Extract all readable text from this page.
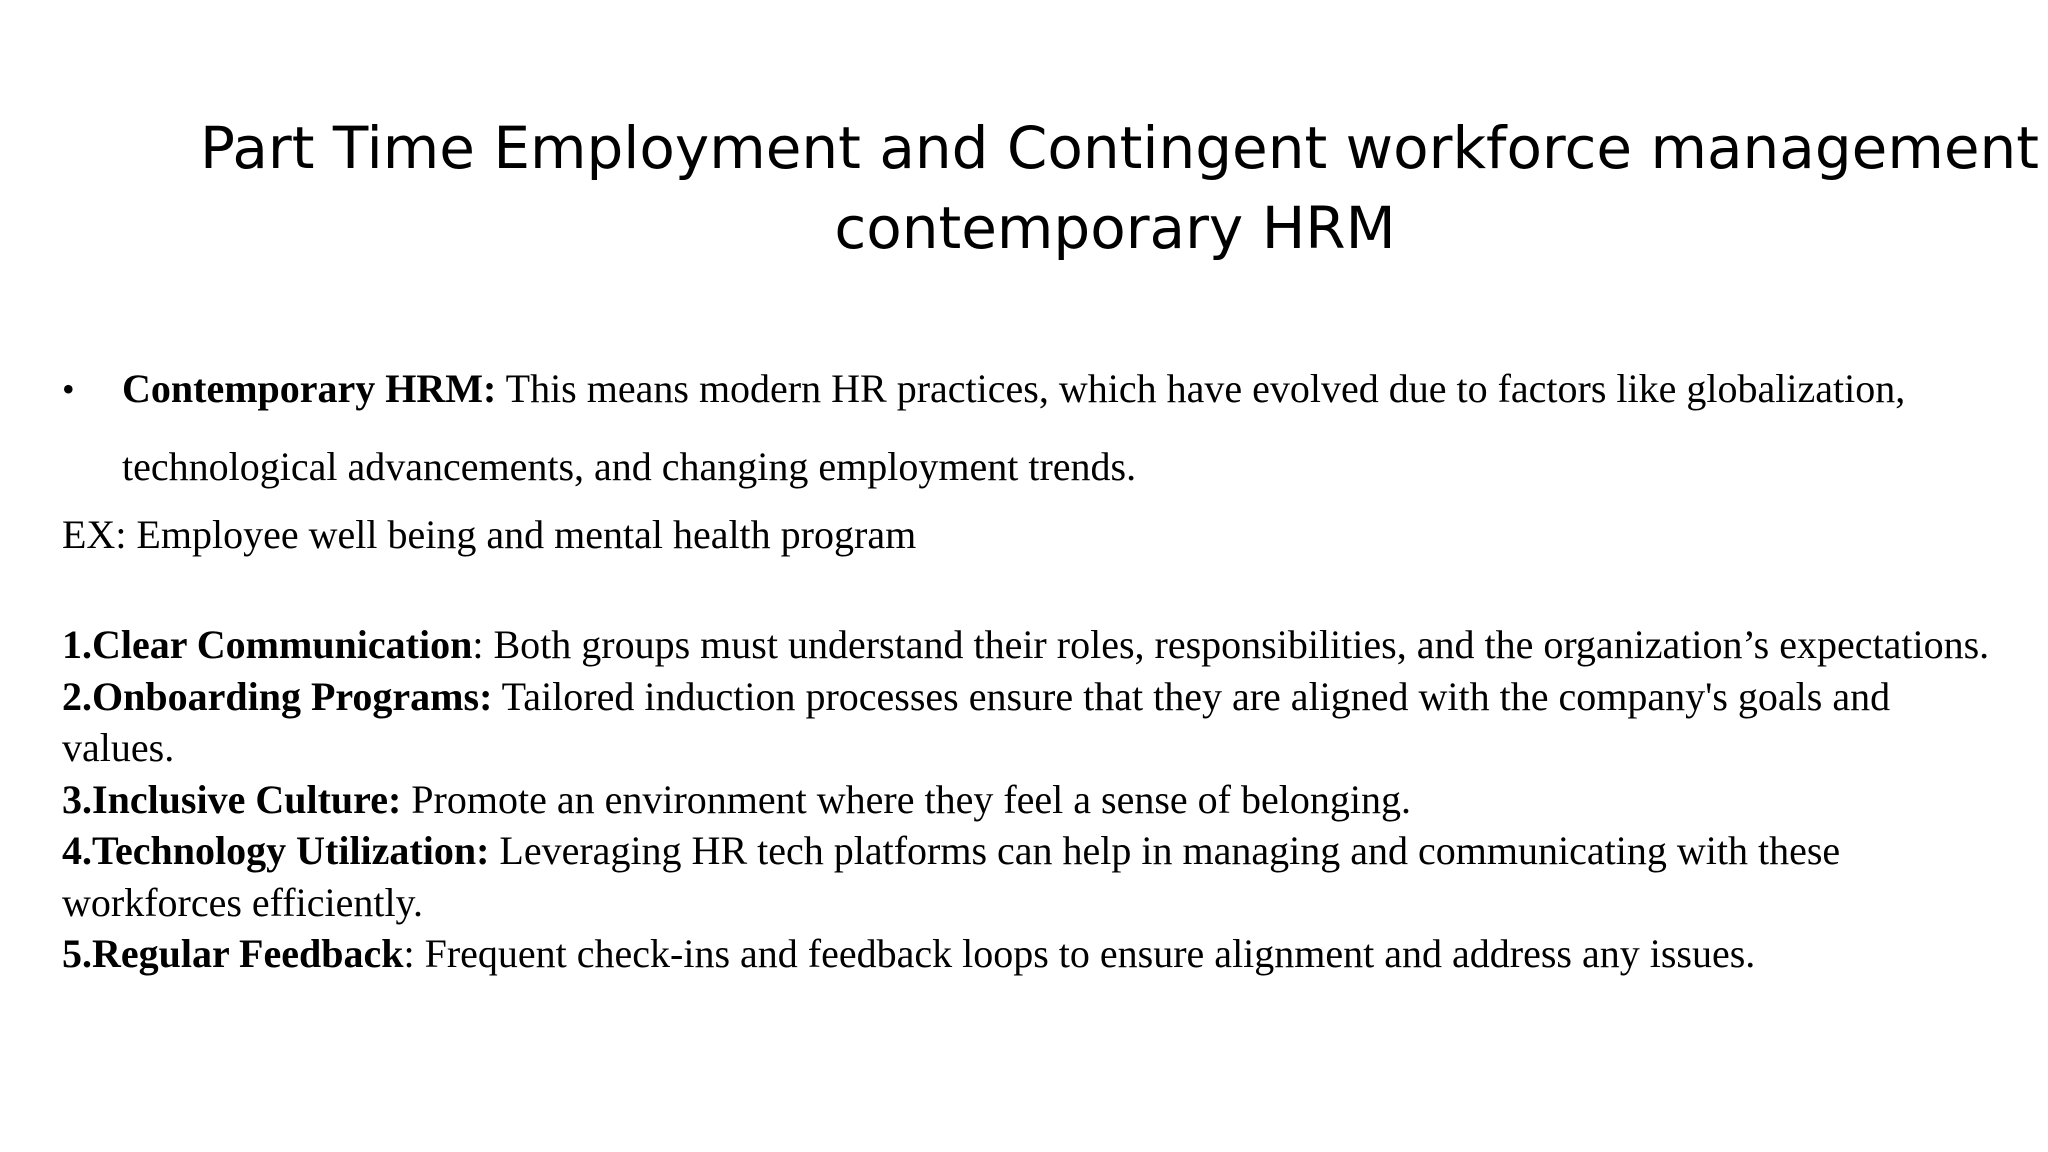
Part Time Employment and Contingent workforce management
contemporary HRM
•	Contemporary HRM: This means modern HR practices, which have evolved due to factors like globalization, technological advancements, and changing employment trends.
EX: Employee well being and mental health program

1.Clear Communication: Both groups must understand their roles, responsibilities, and the organization’s expectations.

2.Onboarding Programs: Tailored induction processes ensure that they are aligned with the company's goals and values.

3.Inclusive Culture: Promote an environment where they feel a sense of belonging.

4.Technology Utilization: Leveraging HR tech platforms can help in managing and communicating with these workforces efficiently.

5.Regular Feedback: Frequent check-ins and feedback loops to ensure alignment and address any issues.
